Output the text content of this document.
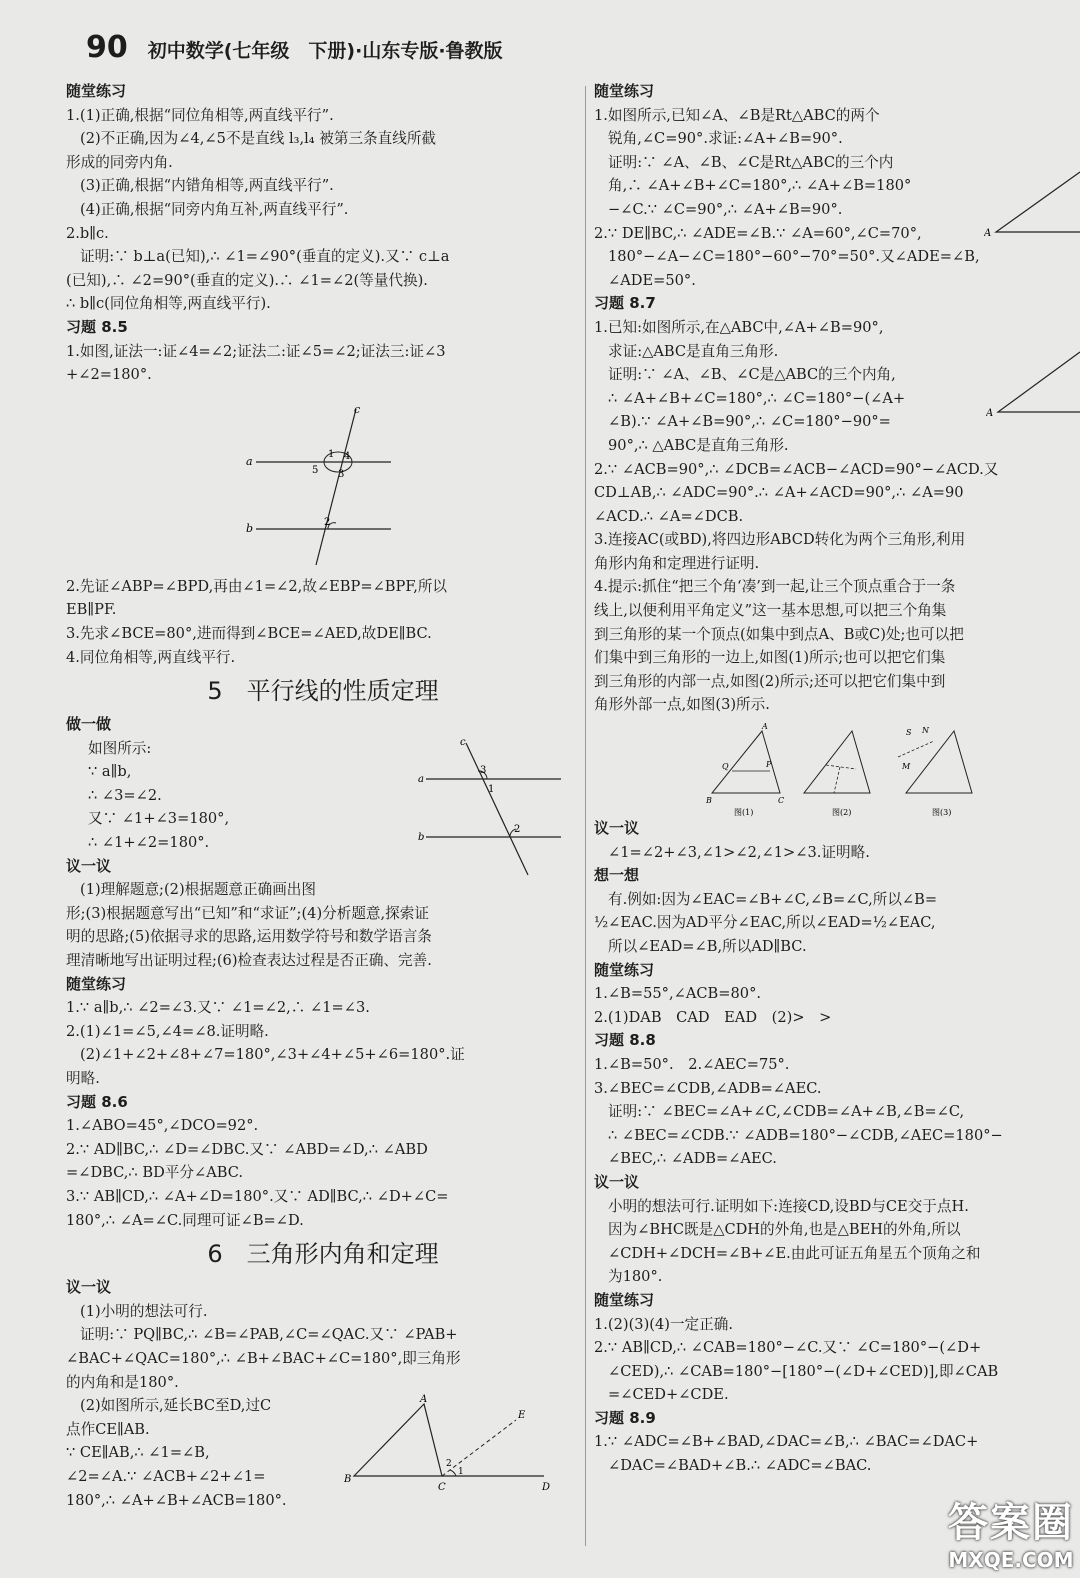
90 初中数学(七年级　下册)·山东专版·鲁教版

随堂练习

1.(1)正确,根据“同位角相等,两直线平行”.

(2)不正确,因为∠4,∠5不是直线 l₃,l₄ 被第三条直线所截

形成的同旁内角.

(3)正确,根据“内错角相等,两直线平行”.

(4)正确,根据“同旁内角互补,两直线平行”.

2.b∥c.

证明:∵ b⊥a(已知),∴ ∠1=∠90°(垂直的定义).又∵ c⊥a

(已知),∴ ∠2=90°(垂直的定义).∴ ∠1=∠2(等量代换).

∴ b∥c(同位角相等,两直线平行).

习题 8.5

1.如图,证法一:证∠4=∠2;证法二:证∠5=∠2;证法三:证∠3

+∠2=180°.

c
a
b
1 4
5 3
2

2.先证∠ABP=∠BPD,再由∠1=∠2,故∠EBP=∠BPF,所以

EB∥PF.

3.先求∠BCE=80°,进而得到∠BCE=∠AED,故DE∥BC.

4.同位角相等,两直线平行.

5　平行线的性质定理

做一做

如图所示:

∵ a∥b,

∴ ∠3=∠2.

又∵ ∠1+∠3=180°,

∴ ∠1+∠2=180°.

c
a
b
3
1
2

议一议

(1)理解题意;(2)根据题意正确画出图

形;(3)根据题意写出“已知”和“求证”;(4)分析题意,探索证

明的思路;(5)依据寻求的思路,运用数学符号和数学语言条

理清晰地写出证明过程;(6)检查表达过程是否正确、完善.

随堂练习

1.∵ a∥b,∴ ∠2=∠3.又∵ ∠1=∠2,∴ ∠1=∠3.

2.(1)∠1=∠5,∠4=∠8.证明略.

(2)∠1+∠2+∠8+∠7=180°,∠3+∠4+∠5+∠6=180°.证

明略.

习题 8.6

1.∠ABO=45°,∠DCO=92°.

2.∵ AD∥BC,∴ ∠D=∠DBC.又∵ ∠ABD=∠D,∴ ∠ABD

=∠DBC,∴ BD平分∠ABC.

3.∵ AB∥CD,∴ ∠A+∠D=180°.又∵ AD∥BC,∴ ∠D+∠C=

180°,∴ ∠A=∠C.同理可证∠B=∠D.

6　三角形内角和定理

议一议

(1)小明的想法可行.

证明:∵ PQ∥BC,∴ ∠B=∠PAB,∠C=∠QAC.又∵ ∠PAB+

∠BAC+∠QAC=180°,∴ ∠B+∠BAC+∠C=180°,即三角形

的内角和是180°.

(2)如图所示,延长BC至D,过C

点作CE∥AB.

∵ CE∥AB,∴ ∠1=∠B,

∠2=∠A.∵ ∠ACB+∠2+∠1=

180°,∴ ∠A+∠B+∠ACB=180°.

A
B
C	D
E
1
2

随堂练习

1.如图所示,已知∠A、∠B是Rt△ABC的两个

锐角,∠C=90°.求证:∠A+∠B=90°.

证明:∵ ∠A、∠B、∠C是Rt△ABC的三个内

角,∴ ∠A+∠B+∠C=180°,∴ ∠A+∠B=180°

−∠C.∵ ∠C=90°,∴ ∠A+∠B=90°.

A

2.∵ DE∥BC,∴ ∠ADE=∠B.∵ ∠A=60°,∠C=70°,

180°−∠A−∠C=180°−60°−70°=50°.又∠ADE=∠B,

∠ADE=50°.

习题 8.7

1.已知:如图所示,在△ABC中,∠A+∠B=90°,

求证:△ABC是直角三角形.

证明:∵ ∠A、∠B、∠C是△ABC的三个内角,

∴ ∠A+∠B+∠C=180°,∴ ∠C=180°−(∠A+

∠B).∵ ∠A+∠B=90°,∴ ∠C=180°−90°=

90°,∴ △ABC是直角三角形.

A

2.∵ ∠ACB=90°,∴ ∠DCB=∠ACB−∠ACD=90°−∠ACD.又

CD⊥AB,∴ ∠ADC=90°.∴ ∠A+∠ACD=90°,∴ ∠A=90

∠ACD.∴ ∠A=∠DCB.

3.连接AC(或BD),将四边形ABCD转化为两个三角形,利用

角形内角和定理进行证明.

4.提示:抓住“把三个角‘凑’到一起,让三个顶点重合于一条

线上,以便利用平角定义”这一基本思想,可以把三个角集

到三角形的某一个顶点(如集中到点A、B或C)处;也可以把

们集中到三角形的一边上,如图(1)所示;也可以把它们集

到三角形的内部一点,如图(2)所示;还可以把它们集中到

角形外部一点,如图(3)所示.

A
B	C
Q	P
图(1)	图(2)
S N
M
图(3)

议一议

∠1=∠2+∠3,∠1>∠2,∠1>∠3.证明略.

想一想

有.例如:因为∠EAC=∠B+∠C,∠B=∠C,所以∠B=

½∠EAC.因为AD平分∠EAC,所以∠EAD=½∠EAC,

所以∠EAD=∠B,所以AD∥BC.

随堂练习

1.∠B=55°,∠ACB=80°.

2.(1)DAB　CAD　EAD　(2)>　>

习题 8.8

1.∠B=50°.　2.∠AEC=75°.

3.∠BEC=∠CDB,∠ADB=∠AEC.

证明:∵ ∠BEC=∠A+∠C,∠CDB=∠A+∠B,∠B=∠C,

∴ ∠BEC=∠CDB.∵ ∠ADB=180°−∠CDB,∠AEC=180°−

∠BEC,∴ ∠ADB=∠AEC.

议一议

小明的想法可行.证明如下:连接CD,设BD与CE交于点H.

因为∠BHC既是△CDH的外角,也是△BEH的外角,所以

∠CDH+∠DCH=∠B+∠E.由此可证五角星五个顶角之和

为180°.

随堂练习

1.(2)(3)(4)一定正确.

2.∵ AB∥CD,∴ ∠CAB=180°−∠C.又∵ ∠C=180°−(∠D+

∠CED),∴ ∠CAB=180°−[180°−(∠D+∠CED)],即∠CAB

=∠CED+∠CDE.

习题 8.9

1.∵ ∠ADC=∠B+∠BAD,∠DAC=∠B,∴ ∠BAC=∠DAC+

∠DAC=∠BAD+∠B.∴ ∠ADC=∠BAC.

答案圈
MXQE.COM
